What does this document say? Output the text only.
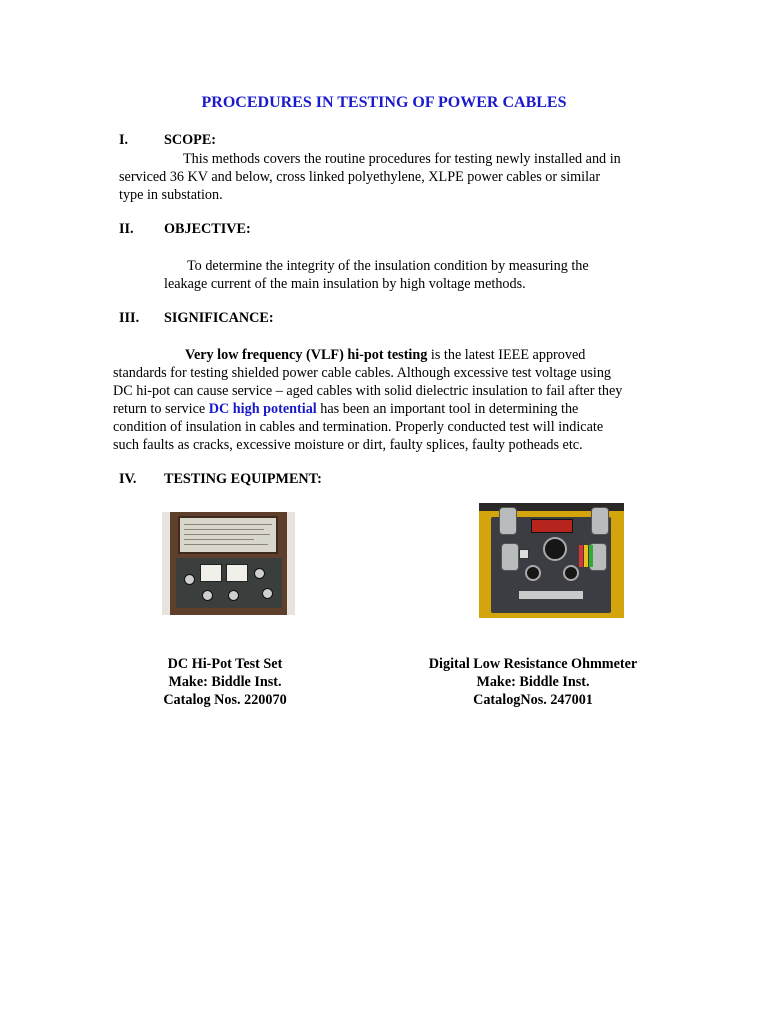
PROCEDURES IN TESTING OF POWER CABLES
I.	SCOPE:
This methods covers the routine procedures for testing newly installed and in
serviced 36 KV and below, cross linked polyethylene, XLPE power cables or similar
type in substation.
II. OBJECTIVE:
To determine the integrity of the insulation condition by measuring the
leakage current of the main insulation by high voltage methods.
III. SIGNIFICANCE:
Very low frequency (VLF) hi-pot testing is the latest IEEE approved
standards for testing shielded power cable cables. Although excessive test voltage using
DC hi-pot can cause service – aged cables with solid dielectric insulation to fail after they
return to service DC high potential has been an important tool in determining the
condition of insulation in cables and termination. Properly conducted test will indicate
such faults as cracks, excessive moisture or dirt, faulty splices, faulty potheads etc.
IV. TESTING EQUIPMENT:
DC Hi-Pot Test Set
Make: Biddle Inst.
Catalog Nos. 220070
Digital Low Resistance Ohmmeter
Make: Biddle Inst.
CatalogNos. 247001
